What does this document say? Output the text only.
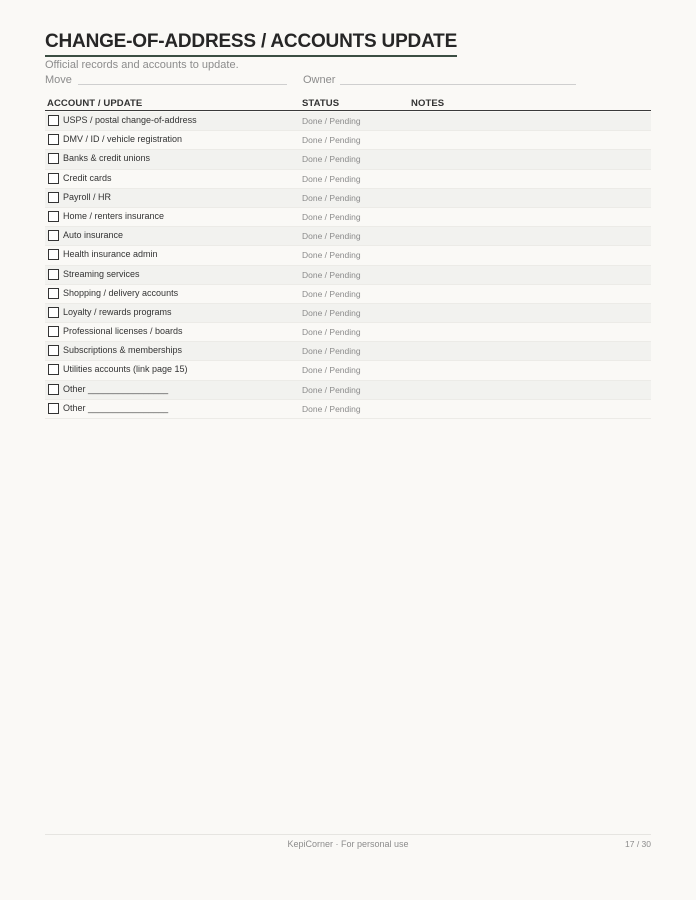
CHANGE-OF-ADDRESS / ACCOUNTS UPDATE
Official records and accounts to update.
Move	Owner
ACCOUNT / UPDATE	STATUS	NOTES
USPS / postal change-of-address	Done / Pending
DMV / ID / vehicle registration	Done / Pending
Banks & credit unions	Done / Pending
Credit cards	Done / Pending
Payroll / HR	Done / Pending
Home / renters insurance	Done / Pending
Auto insurance	Done / Pending
Health insurance admin	Done / Pending
Streaming services	Done / Pending
Shopping / delivery accounts	Done / Pending
Loyalty / rewards programs	Done / Pending
Professional licenses / boards	Done / Pending
Subscriptions & memberships	Done / Pending
Utilities accounts (link page 15)	Done / Pending
Other ________________	Done / Pending
Other ________________	Done / Pending
KepiCorner · For personal use	17 / 30
